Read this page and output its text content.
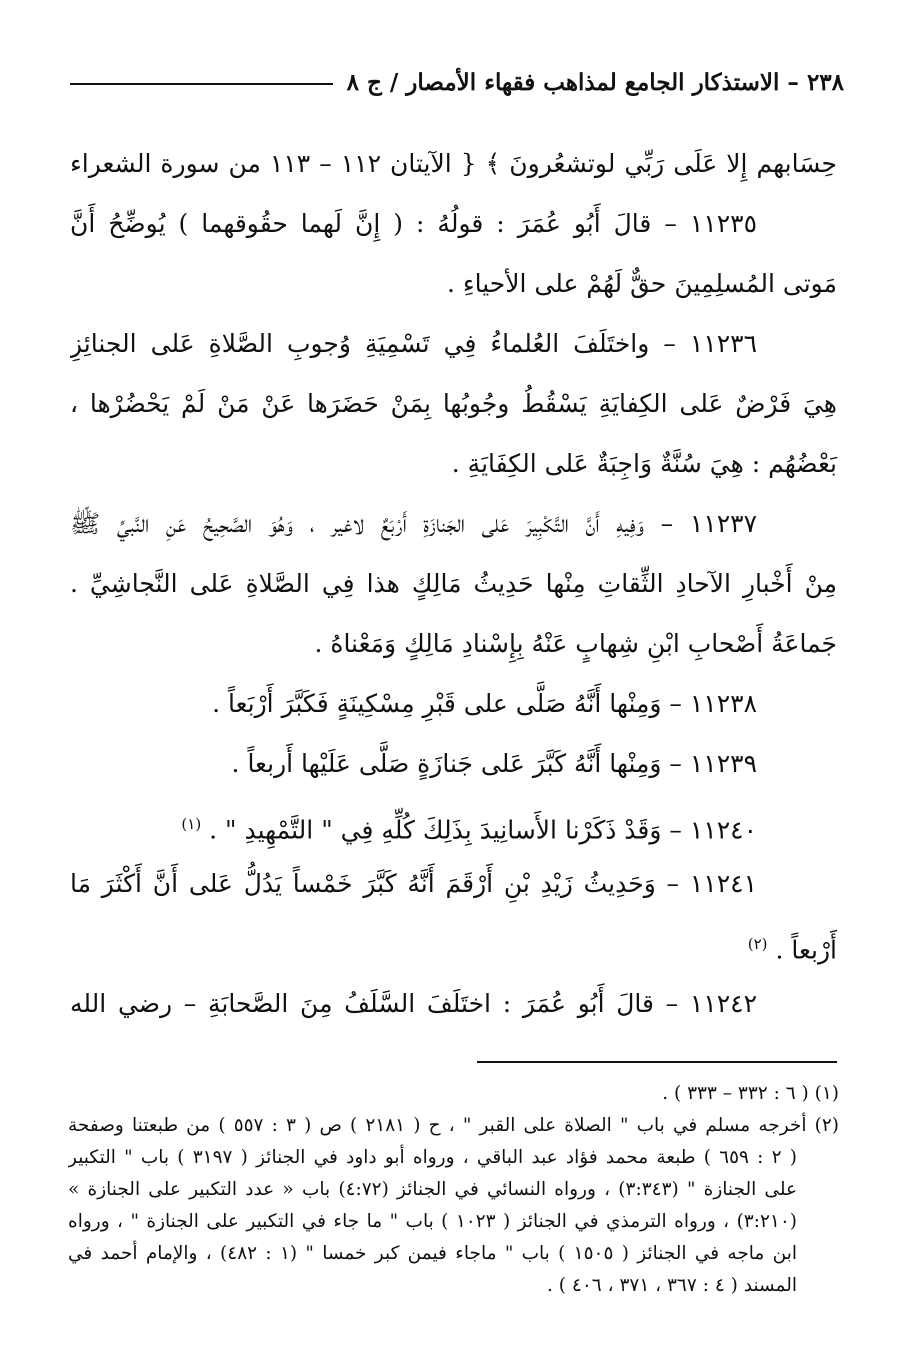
٢٣٨ – الاستذكار الجامع لمذاهب فقهاء الأمصار / ج ٨
حِسَابهم إِلا عَلَى رَبِّي لوتشعُرونَ ﴾ { الآيتان ١١٢ – ١١٣ من سورة الشعراء
١١٢٣٥ – قالَ أَبُو عُمَرَ : قولُهُ : ( إِنَّ لَهما حقُوقهما ) يُوضِّحُ أَنَّ
مَوتى المُسلِمِينَ حقٌّ لَهُمْ على الأحياءِ .
١١٢٣٦ – واختَلَفَ العُلماءُ فِي تَسْمِيَةِ وُجوبِ الصَّلاةِ عَلى الجنائِزِ
هِيَ فَرْضٌ عَلى الكِفايَةِ يَسْقُطُ وجُوبُها بِمَنْ حَضَرَها عَنْ مَنْ لَمْ يَحْضُرْها ،
بَعْضُهُم : هِيَ سُنَّةٌ وَاجِبَةٌ عَلى الكِفَايَةِ .
١١٢٣٧ – وَفِيهِ أَنَّ التَّكْبِيرَ عَلى الجَنازَةِ أَرْبَعٌ لاغير ، وَهُوَ الصَّحِيحُ عَنِ النَّبيِّ ﷺ
مِنْ أَخْبارِ الآحادِ الثِّقاتِ مِنْها حَدِيثُ مَالِكٍ هذا فِي الصَّلاةِ عَلى النَّجاشِيِّ .
جَماعَةُ أَصْحابِ ابْنِ شِهابٍ عَنْهُ بِإِسْنادِ مَالِكٍ وَمَعْناهُ .
١١٢٣٨ – وَمِنْها أَنَّهُ صَلَّى على قَبْرِ مِسْكِينَةٍ فَكَبَّرَ أَرْبَعاً .
١١٢٣٩ – وَمِنْها أَنَّهُ كَبَّرَ عَلى جَنازَةٍ صَلَّى عَلَيْها أَربعاً .
١١٢٤٠ – وَقَدْ ذَكَرْنا الأَسانِيدَ بِذَلِكَ كُلِّهِ فِي " التَّمْهِيدِ " . $^{(١)}$
١١٢٤١ – وَحَدِيثُ زَيْدِ بْنِ أَرْقَمَ أَنَّهُ كَبَّرَ خَمْساً يَدُلُّ عَلى أَنَّ أَكْثَرَ مَا
أَرْبعاً . $^{(٢)}$
١١٢٤٢ – قالَ أَبُو عُمَرَ : اختَلَفَ السَّلَفُ مِنَ الصَّحابَةِ – رضي الله
(١) ( ٦ : ٣٣٢ – ٣٣٣ ) .
(٢) أخرجه مسلم في باب " الصلاة على القبر " ، ح ( ٢١٨١ ) ص ( ٣ : ٥٥٧ ) من طبعتنا وصفحة
( ٢ : ٦٥٩ ) طبعة محمد فؤاد عبد الباقي ، ورواه أبو داود في الجنائز ( ٣١٩٧ ) باب " التكبير
على الجنازة " (٣:٣٤٣) ، ورواه النسائي في الجنائز (٤:٧٢) باب « عدد التكبير على الجنازة »
(٣:٢١٠) ، ورواه الترمذي في الجنائز ( ١٠٢٣ ) باب " ما جاء في التكبير على الجنازة " ، ورواه
ابن ماجه في الجنائز ( ١٥٠٥ ) باب " ماجاء فيمن كبر خمسا " (١ : ٤٨٢) ، والإمام أحمد في
المسند ( ٤ : ٣٦٧ ، ٣٧١ ، ٤٠٦ ) .
